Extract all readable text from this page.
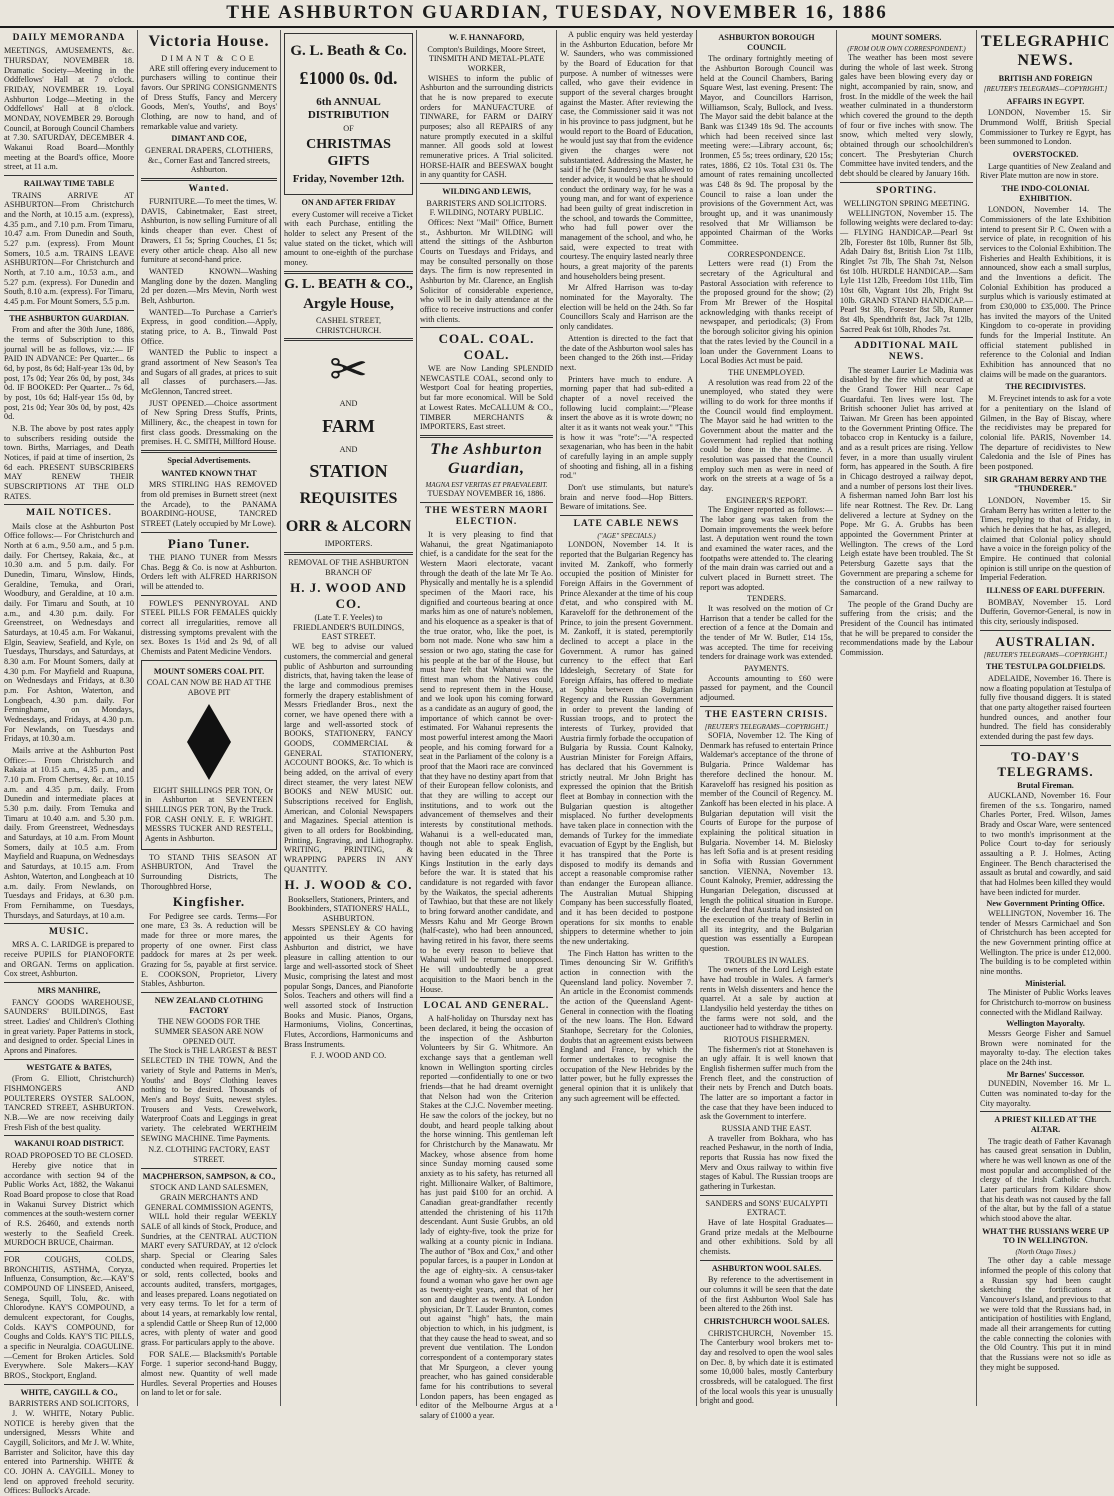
THE ASHBURTON GUARDIAN, TUESDAY, NOVEMBER 16, 1886
DAILY MEMORANDA

MEETINGS, AMUSEMENTS, &c. THURSDAY, NOVEMBER 18. Dramatic Society—Meeting in the Oddfellows' Hall at 7 o'clock. FRIDAY, NOVEMBER 19. Loyal Ashburton Lodge—Meeting in the Oddfellows' Hall at 8 o'clock. MONDAY, NOVEMBER 29. Borough Council, at Borough Council Chambers at 7.30. SATURDAY, DECEMBER 4. Wakanui Road Board—Monthly meeting at the Board's office, Moore street, at 11 a.m.

RAILWAY TIME TABLE

TRAINS ARRIVE AT ASHBURTON—From Christchurch and the North, at 10.15 a.m. (express), 4.35 p.m., and 7.10 p.m. From Timaru, 10.47 a.m. From Dunedin and South, 5.27 p.m. (express). From Mount Somers, 10.5 a.m. TRAINS LEAVE ASHBURTON—For Christchurch and North, at 7.10 a.m., 10.53 a.m., and 5.27 p.m. (express). For Dunedin and South, 8.10 a.m. (express). For Timaru, 4.45 p.m. For Mount Somers, 5.5 p.m.

THE ASHBURTON GUARDIAN.

From and after the 30th June, 1886, the terms of Subscription to this journal will be as follows, viz.:— IF PAID IN ADVANCE: Per Quarter... 6s 6d, by post, 8s 6d; Half-year 13s 0d, by post, 17s 0d; Year 26s 0d, by post, 34s 0d. IF BOOKED: Per Quarter... 7s 6d, by post, 10s 6d; Half-year 15s 0d, by post, 21s 0d; Year 30s 0d, by post, 42s 0d.

N.B. The above by post rates apply to subscribers residing outside the town. Births, Marriages, and Death Notices, if paid at time of insertion, 2s 6d each. PRESENT SUBSCRIBERS MAY RENEW THEIR SUBSCRIPTIONS AT THE OLD RATES.

MAIL NOTICES.

Mails close at the Ashburton Post Office follows:— For Christchurch and North at 6 a.m., 9.50 a.m., and 5 p.m. daily. For Chertsey, Rakaia, &c., at 10.30 a.m. and 5 p.m. daily. For Dunedin, Timaru, Winslow, Hinds, Geraldine, Temuka, and Orari, Woodbury, and Geraldine, at 10 a.m. daily. For Timaru and South, at 10 a.m., and 4.30 p.m. daily. For Greenstreet, on Wednesdays and Saturdays, at 10.45 a.m. For Wakanui, Elgin, Seaview, Seafield, and Kyle, on Tuesdays, Thursdays, and Saturdays, at 8.30 a.m. For Mount Somers, daily at 4.30 p.m. For Mayfield and Ruapuna, on Wednesdays and Fridays, at 8.30 p.m. For Ashton, Waterton, and Longbeach, 4.30 p.m. daily. For Ferninghame, on Mondays, Wednesdays, and Fridays, at 4.30 p.m. For Newlands, on Tuesdays and Fridays, at 10.30 a.m.

Mails arrive at the Ashburton Post Office:— From Christchurch and Rakaia at 10.15 a.m., 4.35 p.m., and 7.10 p.m. From Chertsey, &c. at 10.15 a.m. and 4.35 p.m. daily. From Dunedin and intermediate places at 5.30 p.m. daily. From Temuka and Timaru at 10.40 a.m. and 5.30 p.m. daily. From Greenstreet, Wednesdays and Saturdays, at 10 a.m. From Mount Somers, daily at 10.5 a.m. From Mayfield and Ruapuna, on Wednesdays and Saturdays, at 10.15 a.m. From Ashton, Waterton, and Longbeach at 10 a.m. daily. From Newlands, on Tuesdays and Fridays, at 6.30 p.m. From Fernihamme, on Tuesdays, Thursdays, and Saturdays, at 10 a.m.

MUSIC.

MRS A. C. LARIDGE is prepared to receive PUPILS for PIANOFORTE and ORGAN. Terms on application. Cox street, Ashburton.

MRS MANHIRE,

FANCY GOODS WAREHOUSE, SAUNDERS' BUILDINGS, East street. Ladies' and Children's Clothing in great variety. Paper Patterns in stock, and designed to order. Special Lines in Aprons and Pinafores.

WESTGATE & BATES,

(From G. Elliott, Christchurch) FISHMONGERS AND POULTERERS OYSTER SALOON, TANCRED STREET, ASHBURTON. N.B.—We are now receiving daily Fresh Fish of the best quality.

WAKANUI ROAD DISTRICT.
ROAD PROPOSED TO BE CLOSED.

Hereby give notice that in accordance with section 94 of the Public Works Act, 1882, the Wakanui Road Board propose to close that Road in Wakanui Survey District which commences at the south-western corner of R.S. 26460, and extends north westerly to the Seafield Creek. MURDOCH BRUCE, Chairman.

FOR COUGHS, COLDS, BRONCHITIS, ASTHMA, Coryza, Influenza, Consumption, &c.—KAY'S COMPOUND OF LINSEED, Aniseed, Senega, Squill, Tolu, &c. with Chlorodyne. KAY'S COMPOUND, a demulcent expectorant, for Coughs, Colds. KAY'S COMPOUND, for Coughs and Colds. KAY'S TIC PILLS, a specific in Neuralgia. COAGULINE.—Cement for Broken Articles. Sold Everywhere. Sole Makers—KAY BROS., Stockport, England.

WHITE, CAYGILL & CO.,
BARRISTERS AND SOLICITORS,

J. W. WHITE, Notary Public. NOTICE is hereby given that the undersigned, Messrs White and Caygill, Solicitors, and Mr J. W. White, Barrister and Solicitor, have this day entered into Partnership. WHITE & CO. JOHN A. CAYGILL. Money to lend on approved freehold security. Offices: Bullock's Arcade.

Victoria House.
DIMANT & COE

ARE still offering every inducement to purchasers willing to continue their favors. Our SPRING CONSIGNMENTS of Dress Stuffs, Fancy and Mercery Goods, Men's, Youths', and Boys' Clothing, are now to hand, and of remarkable value and variety.

DIMANT AND COE,
GENERAL DRAPERS, CLOTHIERS, &c., Corner East and Tancred streets, Ashburton.
Wanted.

FURNITURE.—To meet the times, W. DAVIS, Cabinetmaker, East street, Ashburton, is now selling Furniture of all kinds cheaper than ever. Chest of Drawers, £1 5s; Spring Couches, £1 5s; every other article cheap. Also all new furniture at second-hand price.

WANTED KNOWN—Washing Mangling done by the dozen. Mangling 2d per dozen.—Mrs Mevin, North west Belt, Ashburton.

WANTED—To Purchase a Carrier's Express, in good condition.—Apply, stating price, to A. B., Tinwald Post Office.

WANTED the Public to inspect a grand assortment of New Season's Tea and Sugars of all grades, at prices to suit all classes of purchasers.—Jas. McGlennon, Tancred street.

JUST OPENED.—Choice assortment of New Spring Dress Stuffs, Prints, Millinery, &c., the cheapest in town for first class goods. Dressmaking on the premises. H. C. SMITH, Millford House.

Special Advertisements.
WANTED KNOWN THAT

MRS STIRLING HAS REMOVED from old premises in Burnett street (next the Arcade), to the PANAMA BOARDING-HOUSE, TANCRED STREET (Lately occupied by Mr Lowe).

Piano Tuner.

THE PIANO TUNER from Messrs Chas. Begg & Co. is now at Ashburton. Orders left with ALFRED HARRISON will be attended to.

FOWLE'S PENNYROYAL AND STEEL PILLS FOR FEMALES quickly correct all irregularities, remove all distressing symptoms prevalent with the sex. Boxes 1s 1½d and 2s 9d, of all Chemists and Patent Medicine Vendors.

MOUNT SOMERS COAL PIT.
COAL CAN NOW BE HAD AT THE ABOVE PIT

EIGHT SHILLINGS PER TON, Or in Ashburton at SEVENTEEN SHILLINGS PER TON, By the Truck. FOR CASH ONLY. E. F. WRIGHT. MESSRS TUCKER AND RESTELL, Agents in Ashburton.

TO STAND THIS SEASON AT ASHBURTON, And Travel the Surrounding Districts, The Thoroughbred Horse,

Kingfisher.

For Pedigree see cards. Terms—For one mare, £3 3s. A reduction will be made for three or more mares, the property of one owner. First class paddock for mares at 2s per week. Grazing for 5s, payable at first service. E. COOKSON, Proprietor, Livery Stables, Ashburton.

NEW ZEALAND CLOTHING FACTORY
THE NEW GOODS FOR THE SUMMER SEASON ARE NOW OPENED OUT.

The Stock is THE LARGEST & BEST SELECTED IN THE TOWN, And the variety of Style and Patterns in Men's, Youths' and Boys' Clothing leaves nothing to be desired. Thousands of Men's and Boys' Suits, newest styles. Trousers and Vests. Crewelwork, Waterproof Coats and Leggings in great variety. The celebrated WERTHEIM SEWING MACHINE. Time Payments.

N.Z. CLOTHING FACTORY, EAST STREET.
MACPHERSON, SAMPSON, & CO.,
STOCK AND LAND SALESMEN, GRAIN MERCHANTS AND GENERAL COMMISSION AGENTS,

WILL hold their regular WEEKLY SALE of all kinds of Stock, Produce, and Sundries, at the CENTRAL AUCTION MART every SATURDAY, at 12 o'clock sharp. Special or Clearing Sales conducted when required. Properties let or sold, rents collected, books and accounts audited, transfers, mortgages, and leases prepared. Loans negotiated on very easy terms. To let for a term of about 14 years, at remarkably low rental, a splendid Cattle or Sheep Run of 12,000 acres, with plenty of water and good grass. For particulars apply to the above.

FOR SALE.— Blacksmith's Portable Forge. 1 superior second-hand Buggy, almost new. Quantity of well made Hurdles. Several Properties and Houses on land to let or for sale.

G. L. Beath & Co.
£1000 0s. 0d.
6th ANNUAL DISTRIBUTION
OF
CHRISTMAS GIFTS
Friday, November 12th.
ON AND AFTER FRIDAY

every Customer will receive a Ticket with each Purchase, entitling the holder to select any Present of the value stated on the ticket, which will amount to one-eighth of the purchase money.

G. L. BEATH & CO.,
Argyle House,
CASHEL STREET, CHRISTCHURCH.
✂
AND
FARM
AND
STATION
REQUISITES
ORR & ALCORN
IMPORTERS.
REMOVAL OF THE ASHBURTON BRANCH OF
H. J. WOOD AND CO.
(Late T. F. Yeeles) to FRIEDLANDER'S BUILDINGS, EAST STREET.

WE beg to advise our valued customers, the commercial and general public of Ashburton and surrounding districts, that, having taken the lease of the large and commodious premises formerly the drapery establishment of Messrs Friedlander Bros., next the corner, we have opened there with a large and well-assorted stock of BOOKS, STATIONERY, FANCY GOODS, COMMERCIAL & GENERAL STATIONERY, ACCOUNT BOOKS, &c. To which is being added, on the arrival of every direct steamer, the very latest NEW BOOKS and NEW MUSIC out. Subscriptions received for English, American, and Colonial Newspapers and Magazines. Special attention is given to all orders for Bookbinding, Printing, Engraving, and Lithography. WRITING, PRINTING, & WRAPPING PAPERS IN ANY QUANTITY.

H. J. WOOD & CO.
Booksellers, Stationers, Printers, and Bookbinders, STATIONERS' HALL, ASHBURTON.

Messrs SPENSLEY & CO having appointed us their Agents for Ashburton and district, we have pleasure in calling attention to our large and well-assorted stock of Sheet Music, comprising the latest and most popular Songs, Dances, and Pianoforte Solos. Teachers and others will find a well assorted stock of Instruction Books and Music. Pianos, Organs, Harmoniums, Violins, Concertinas, Flutes, Accordions, Harmonicums and Brass Instruments.

F. J. WOOD AND CO.
W. F. HANNAFORD,
Compton's Buildings, Moore Street, TINSMITH AND METAL-PLATE WORKER,

WISHES to inform the public of Ashburton and the surrounding districts that he is now prepared to execute orders for MANUFACTURE of TINWARE, for FARM or DAIRY purposes; also all REPAIRS of any nature promptly executed in a skilful manner. All goods sold at lowest remunerative prices. A Trial solicited. HORSE-HAIR and BEESWAX bought in any quantity for CASH.

WILDING AND LEWIS,
BARRISTERS AND SOLICITORS.
F. WILDING, NOTARY PUBLIC.

Offices: Next "Mail" Office, Burnett st., Ashburton. Mr WILDING will attend the sittings of the Ashburton Courts on Tuesdays and Fridays, and may be consulted personally on those days. The firm is now represented in Ashburton by Mr. Clarence, an English Solicitor of considerable experience, who will be in daily attendance at the office to receive instructions and confer with clients.

COAL. COAL. COAL.

WE are Now Landing SPLENDID NEWCASTLE COAL, second only to Westport Coal for heating properties, but far more economical. Will be Sold at Lowest Rates. McCALLUM & CO., TIMBER MERCHANTS & IMPORTERS, East street.

The Ashburton Guardian,
MAGNA EST VERITAS ET PRAEVALEBIT.
TUESDAY NOVEMBER 16, 1886.
THE WESTERN MAORI ELECTION.

It is very pleasing to find that Wahanui, the great Ngatimaniapoto chief, is a candidate for the seat for the Western Maori electorate, vacant through the death of the late Mr Te Ao. Physically and mentally he is a splendid specimen of the Maori race, his dignified and courteous bearing at once marks him as one of nature's noblemen, and his eloquence as a speaker is that of the true orator, who, like the poet, is born not made. None who saw him a session or two ago, stating the case for his people at the bar of the House, but must have felt that Wahanui was the fittest man whom the Natives could send to represent them in the House, and we look upon his coming forward as a candidate as an augury of good, the importance of which cannot be over-estimated. For Wahanui represents the most powerful interest among the Maori people, and his coming forward for a seat in the Parliament of the colony is a proof that the Maori race are convinced that they have no destiny apart from that of their European fellow colonists, and that they are willing to accept our institutions, and to work out the advancement of themselves and their interests by constitutional methods. Wahanui is a well-educated man, though not able to speak English, having been educated in the Three Kings Institution in the early days before the war. It is stated that his candidature is not regarded with favor by the Waikatos, the special adherents of Tawhiao, but that these are not likely to bring forward another candidate, and Messrs Kahu and Mr George Brown (half-caste), who had been announced, having retired in his favor, there seems to be every reason to believe that Wahanui will be returned unopposed. He will undoubtedly be a great acquisition to the Maori bench in the House.

LOCAL AND GENERAL.

A half-holiday on Thursday next has been declared, it being the occasion of the inspection of the Ashburton Volunteers by Sir G. Whitmore. An exchange says that a gentleman well known in Wellington sporting circles reported —confidentially to one or two friends—that he had dreamt overnight that Nelson had won the Criterion Stakes at the C.J.C. November meeting. He saw the colors of the jockey, but no doubt, and heard people talking about the horse winning. This gentleman left for Christchurch by the Manawatu. Mr Mackey, whose absence from home since Sunday morning caused some anxiety as to his safety, has returned all right. Millionaire Walker, of Baltimore, has just paid $100 for an orchid. A Canadian great-grandfather recently attended the christening of his 117th descendant. Aunt Susie Grubbs, an old lady of eighty-five, took the prize for walking at a county picnic in Indiana. The author of "Box and Cox," and other popular farces, is a pauper in London at the age of eighty-six. A census-taker found a woman who gave her own age as twenty-eight years, and that of her son and daughter as twenty. A London physician, Dr T. Lauder Brunton, comes out against "high" hats, the main objection to which, in his judgment, is that they cause the head to sweat, and so prevent due ventilation. The London correspondent of a contemporary states that Mr Spurgeon, a clever young preacher, who has gained considerable fame for his contributions to several London papers, has been engaged as editor of the Melbourne Argus at a salary of £1000 a year.

A public enquiry was held yesterday in the Ashburton Education, before Mr W. Saunders, who was commissioned by the Board of Education for that purpose. A number of witnesses were called, who gave their evidence in support of the several charges brought against the Master. After reviewing the case, the Commissioner said it was not in his province to pass judgment, but he would report to the Board of Education, he would just say that from the evidence given the charges were not substantiated. Addressing the Master, he said if he (Mr Saunders) was allowed to tender advice, it would be that he should conduct the ordinary way, for he was a young man, and for want of experience had been guilty of great indiscretion in the school, and towards the Committee, who had full power over the management of the school, and who, he said, were expected to treat with courtesy. The enquiry lasted nearly three hours, a great majority of the parents and householders being present.

Mr Alfred Harrison was to-day nominated for the Mayoralty. The election will be held on the 24th. So far Councillors Scaly and Harrison are the only candidates.

Attention is directed to the fact that the date of the Ashburton wool sales has been changed to the 26th inst.—Friday next.

Printers have much to endure. A morning paper that had sub-edited a chapter of a novel received the following lucid complaint:—"Please insert the above as it is wrote down; no alter it as it wants not weak your." "This is how it was "rote":—"A respected sexagenarian, who has been in the habit of carefully laying in an ample supply of shooting and fishing, all in a fishing rod."

Don't use stimulants, but nature's brain and nerve food—Hop Bitters. Beware of imitations. See.

LATE CABLE NEWS
("AGE" SPECIALS.)

LONDON, November 14. It is reported that the Bulgarian Regency has invited M. Zankoff, who formerly occupied the position of Minister for Foreign Affairs in the Government of Prince Alexander at the time of his coup d'etat, and who conspired with M. Karaveloff for the dethronement of the Prince, to join the present Government. M. Zankoff, it is stated, peremptorily declined to accept a place in the Government. A rumor has gained currency to the effect that Earl Iddesleigh, Secretary of State for Foreign Affairs, has offered to mediate at Sophia between the Bulgarian Regency and the Russian Government in order to prevent the landing of Russian troops, and to protect the interests of Turkey, provided that Austria firmly forbade the occupation of Bulgaria by Russia. Count Kalnoky, Austrian Minister for Foreign Affairs, has declared that his Government is strictly neutral. Mr John Bright has expressed the opinion that the British fleet at Bombay in connection with the Bulgarian question is altogether misplaced. No further developments have taken place in connection with the demands of Turkey for the immediate evacuation of Egypt by the English, but it has transpired that the Porte is disposed to modify its demands and accept a reasonable compromise rather than endanger the European alliance. The Australian Mutual Shipping Company has been successfully floated, and it has been decided to postpone operations for six months to enable shippers to determine whether to join the new undertaking.

The Finch Hatton has written to the Times denouncing Sir W. Griffith's action in connection with the Queensland land policy. November 7. An article in the Economist commends the action of the Queensland Agent-General in connection with the floating of the new loans. The Hon. Edward Stanhope, Secretary for the Colonies, doubts that an agreement exists between England and France, by which the former undertakes to recognise the occupation of the New Hebrides by the latter power, but he fully expresses the general opinion that it is unlikely that any such agreement will be effected.

ASHBURTON BOROUGH COUNCIL

The ordinary fortnightly meeting of the Ashburton Borough Council was held at the Council Chambers, Baring Square West, last evening. Present: The Mayor, and Councillors Harrison, Williamson, Scaly, Bullock, and Ivess. The Mayor said the debit balance at the Bank was £1349 18s 9d. The accounts which had been received since last meeting were:—Library account, 6s; Ironmen, £5 5s; trees ordinary, £20 15s; rates, 1886, £2 10s. Total £31 0s. The amount of rates remaining uncollected was £48 8s 9d. The proposal by the Council to raise a loan under the provisions of the Government Act, was brought up, and it was unanimously resolved that Mr Williamson be appointed Chairman of the Works Committee.

CORRESPONDENCE.

Letters were read (1) From the secretary of the Agricultural and Pastoral Association with reference to the proposed ground for the show; (2) From Mr Brewer of the Hospital acknowledging with thanks receipt of newspaper, and periodicals; (3) From the borough solicitor giving his opinion that the rates levied by the Council in a loan under the Government Loans to Local Bodies Act must be paid.

THE UNEMPLOYED.

A resolution was read from 22 of the unemployed, who stated they were willing to do work for three months if the Council would find employment. The Mayor said he had written to the Government about the matter and the Government had replied that nothing could be done in the meantime. A resolution was passed that the Council employ such men as were in need of work on the streets at a wage of 5s a day.

ENGINEER'S REPORT.

The Engineer reported as follows:—The labor gang was taken from the Domain improvements the week before last. A deputation went round the town and examined the water races, and the footpaths were attended to. The clearing of the main drain was carried out and a culvert placed in Burnett street. The report was adopted.

TENDERS.

It was resolved on the motion of Cr Harrison that a tender be called for the erection of a fence at the Domain and the tender of Mr W. Butler, £14 15s, was accepted. The time for receiving tenders for drainage work was extended.

PAYMENTS.

Accounts amounting to £60 were passed for payment, and the Council adjourned.

THE EASTERN CRISIS.
[REUTER'S TELEGRAMS—COPYRIGHT.]

SOFIA, November 12. The King of Denmark has refused to entertain Prince Waldemar's acceptance of the throne of Bulgaria. Prince Waldemar has therefore declined the honour. M. Karaveloff has resigned his position as member of the Council of Regency. M. Zankoff has been elected in his place. A Bulgarian deputation will visit the Courts of Europe for the purpose of explaining the political situation in Bulgaria. November 14. M. Bielosky has left Sofia and is at present residing in Sofia with Russian Government sanction. VIENNA, November 13. Count Kalnoky, Premier, addressing the Hungarian Delegation, discussed at length the political situation in Europe. He declared that Austria had insisted on the execution of the treaty of Berlin in all its integrity, and the Bulgarian question was essentially a European question.

TROUBLES IN WALES.

The owners of the Lord Leigh estate have had trouble in Wales. A farmer's rents in Welsh dissenters and hence the quarrel. At a sale by auction at Llandysilio held yesterday the tithes on the farms were not sold, and the auctioneer had to withdraw the property.

RIOTOUS FISHERMEN.

The fishermen's riot at Stonehaven is an ugly affair. It is well known that English fishermen suffer much from the French fleet, and the construction of their nets by French and Dutch boats. The latter are so important a factor in the case that they have been induced to ask the Government to interfere.

RUSSIA AND THE EAST.

A traveller from Bokhara, who has reached Peshawur, in the north of India, reports that Russia has now fixed the Merv and Oxus railway to within five stages of Kabul. The Russian troops are gathering in Turkestan.

SANDERS and SONS' EUCALYPTI EXTRACT.

Have of late Hospital Graduates—Grand prize medals at the Melbourne and other exhibitions. Sold by all chemists.

ASHBURTON WOOL SALES.

By reference to the advertisement in our columns it will be seen that the date of the first Ashburton Wool Sale has been altered to the 26th inst.

CHRISTCHURCH WOOL SALES.

CHRISTCHURCH, November 15. The Canterbury wool brokers met to-day and resolved to open the wool sales on Dec. 8, by which date it is estimated some 10,000 bales, mostly Canterbury crossbreds, will be catalogued. The first of the local wools this year is unusually bright and good.

MOUNT SOMERS.
(FROM OUR OWN CORRESPONDENT.)

The weather has been most severe during the whole of last week. Strong gales have been blowing every day or night, accompanied by rain, snow, and frost. In the middle of the week the hail weather culminated in a thunderstorm which covered the ground to the depth of four or five inches with snow. The snow, which melted very slowly, obtained through our schoolchildren's concert. The Presbyterian Church Committee have invited tenders, and the debt should be cleared by January 16th.

SPORTING.
WELLINGTON SPRING MEETING.

WELLINGTON, November 15. The following weights were declared to-day:— FLYING HANDICAP.—Pearl 9st 2lb, Forester 8st 10lb, Runner 8st 5lb, Adah Dairy 8st, British Lion 7st 11lb, Ringlet 7st 7lb, The Shah 7st, Nelson 6st 10lb. HURDLE HANDICAP.—Sam Lyle 11st 12lb, Freedom 10st 11lb, Tim 10st 6lb, Vagrant 10st 2lb, Fright 9st 10lb. GRAND STAND HANDICAP.—Pearl 9st 3lb, Forester 8st 5lb, Runner 8st 4lb, Spendthrift 8st, Jack 7st 12lb, Sacred Peak 6st 10lb, Rhodes 7st.

ADDITIONAL MAIL NEWS.

The steamer Laurier Le Madinia was disabled by the fire which occurred at the Grand Tower Hill near Cape Guardafui. Ten lives were lost. The British schooner Juliet has arrived at Taiwan. Mr Green has been appointed to the Government Printing Office. The tobacco crop in Kentucky is a failure, and as a result prices are rising. Yellow fever, in a more than usually virulent form, has appeared in the South. A fire in Chicago destroyed a railway depot, and a number of persons lost their lives. A fisherman named John Barr lost his life near Rottnest. The Rev. Dr. Lang delivered a lecture at Sydney on the Pope. Mr G. A. Grubbs has been appointed the Government Printer at Wellington. The crews of the Lord Leigh estate have been troubled. The St Petersburg Gazette says that the Government are preparing a scheme for the construction of a new railway to Samarcand.

The people of the Grand Duchy are suffering from the crisis; and the President of the Council has intimated that he will be prepared to consider the recommendations made by the Labour Commission.

TELEGRAPHIC NEWS.
BRITISH AND FOREIGN
[REUTER'S TELEGRAMS—COPYRIGHT.]
AFFAIRS IN EGYPT.

LONDON, November 15. Sir Drummond Wolff, British Special Commissioner to Turkey re Egypt, has been summoned to London.

OVERSTOCKED.

Large quantities of New Zealand and River Plate mutton are now in store.

THE INDO-COLONIAL EXHIBITION.

LONDON, November 14. The Commissioners of the late Exhibition intend to present Sir P. C. Owen with a service of plate, in recognition of his services to the Colonial Exhibition. The Fisheries and Health Exhibitions, it is announced, show each a small surplus, and the Inventions a deficit. The Colonial Exhibition has produced a surplus which is variously estimated at from £30,000 to £35,000. The Prince has invited the mayors of the United Kingdom to co-operate in providing funds for the Imperial Institute. An official statement published in reference to the Colonial and Indian Exhibition has announced that no claims will be made on the guarantors.

THE RECIDIVISTES.

M. Freycinet intends to ask for a vote for a penitentiary on the Island of Gilmen, in the Bay of Biscay, where the recidivistes may be prepared for colonial life. PARIS, November 14. The departure of recidivistes to New Caledonia and the Isle of Pines has been postponed.

SIR GRAHAM BERRY AND THE "THUNDERER."

LONDON, November 15. Sir Graham Berry has written a letter to the Times, replying to that of Friday, in which he denies that he has, as alleged, claimed that Colonial policy should have a voice in the foreign policy of the Empire. He continued that colonial opinion is still unripe on the question of Imperial Federation.

ILLNESS OF EARL DUFFERIN.

BOMBAY, November 15. Lord Dufferin, Governor-General, is now in this city, seriously indisposed.

AUSTRALIAN.
[REUTER'S TELEGRAMS—COPYRIGHT.]
THE TESTULPA GOLDFIELDS.

ADELAIDE, November 16. There is now a floating population at Testulpa of fully five thousand diggers. It is stated that one party altogether raised fourteen hundred ounces, and another four hundred. The field has considerably extended during the past few days.

TO-DAY'S TELEGRAMS.
Brutal Fireman.

AUCKLAND, November 16. Four firemen of the s.s. Tongariro, named Charles Porter, Fred. Wilson, James Brady and Oscar Ware, were sentenced to two month's imprisonment at the Police Court to-day for seriously assaulting a P. J. Holmes, Acting Engineer. The Bench characterised the assault as brutal and cowardly, and said that had Holmes been killed they would have been indicted for murder.

New Government Printing Office.

WELLINGTON, November 16. The tender of Messrs Carmichael and Son of Christchurch has been accepted for the new Government printing office at Wellington. The price is under £12,000. The building is to be completed within nine months.

Ministerial.

The Minister of Public Works leaves for Christchurch to-morrow on business connected with the Midland Railway.

Wellington Mayoralty.

Messrs George Fisher and Samuel Brown were nominated for the mayoralty to-day. The election takes place on the 24th inst.

Mr Barnes' Successor.

DUNEDIN, November 16. Mr L. Cutten was nominated to-day for the City mayoralty.

A PRIEST KILLED AT THE ALTAR.

The tragic death of Father Kavanagh has caused great sensation in Dublin, where he was well known as one of the most popular and accomplished of the clergy of the Irish Catholic Church. Later particulars from Kildare show that his death was not caused by the fall of the altar, but by the fall of a statue which stood above the altar.

WHAT THE RUSSIANS WERE UP TO IN WELLINGTON.
(North Otago Times.)

The other day a cable message informed the people of this colony that a Russian spy had been caught sketching the fortifications at Vancouver's Island, and previous to that we were told that the Russians had, in anticipation of hostilities with England, made all their arrangements for cutting the cable connecting the colonies with the Old Country. This put it in mind that the Russians were not so idle as they might be supposed.
